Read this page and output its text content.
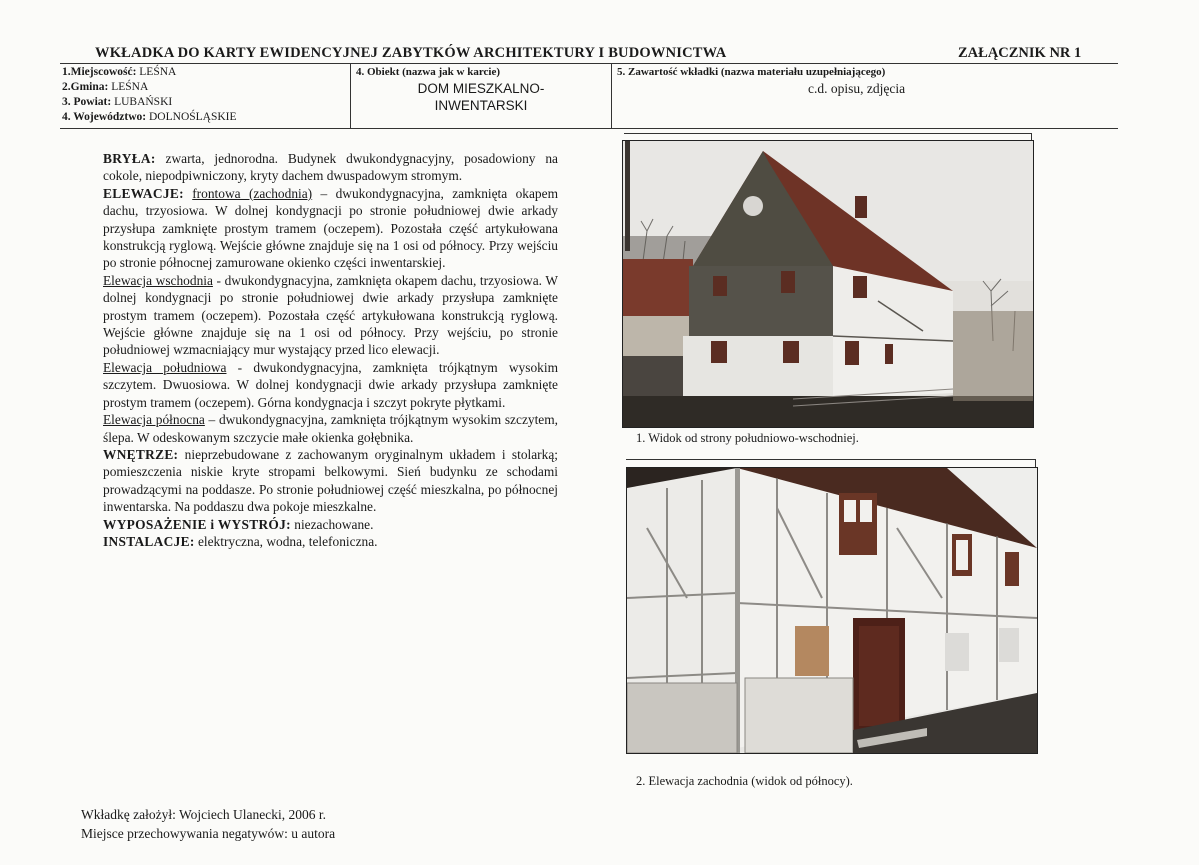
WKŁADKA DO KARTY EWIDENCYJNEJ ZABYTKÓW ARCHITEKTURY I BUDOWNICTWA	ZAŁĄCZNIK NR 1
1.Miejscowość: LEŚNA
2.Gmina: LEŚNA
3. Powiat: LUBAŃSKI
4. Województwo: DOLNOŚLĄSKIE
4. Obiekt (nazwa jak w karcie)
DOM MIESZKALNO-
INWENTARSKI
5. Zawartość wkładki (nazwa materiału uzupełniającego)
c.d. opisu, zdjęcia

BRYŁA: zwarta, jednorodna. Budynek dwukondygnacyjny, posadowiony na cokole, niepodpiwniczony, kryty dachem dwuspadowym stromym.

ELEWACJE: frontowa (zachodnia) – dwukondygnacyjna, zamknięta okapem dachu, trzyosiowa. W dolnej kondygnacji po stronie południowej dwie arkady przysłupa zamknięte prostym tramem (oczepem). Pozostała część artykułowana konstrukcją ryglową. Wejście główne znajduje się na 1 osi od północy. Przy wejściu po stronie północnej zamurowane okienko części inwentarskiej.

Elewacja wschodnia - dwukondygnacyjna, zamknięta okapem dachu, trzyosiowa. W dolnej kondygnacji po stronie południowej dwie arkady przysłupa zamknięte prostym tramem (oczepem). Pozostała część artykułowana konstrukcją ryglową. Wejście główne znajduje się na 1 osi od północy. Przy wejściu, po stronie południowej wzmacniający mur wystający przed lico elewacji.

Elewacja południowa - dwukondygnacyjna, zamknięta trójkątnym wysokim szczytem. Dwuosiowa. W dolnej kondygnacji dwie arkady przysłupa zamknięte prostym tramem (oczepem). Górna kondygnacja i szczyt pokryte płytkami.

Elewacja północna – dwukondygnacyjna, zamknięta trójkątnym wysokim szczytem, ślepa. W odeskowanym szczycie małe okienka gołębnika.

WNĘTRZE: nieprzebudowane z zachowanym oryginalnym układem i stolarką; pomieszczenia niskie kryte stropami belkowymi. Sień budynku ze schodami prowadzącymi na poddasze. Po stronie południowej część mieszkalna, po północnej inwentarska. Na poddaszu dwa pokoje mieszkalne.

WYPOSAŻENIE i WYSTRÓJ: niezachowane.

INSTALACJE: elektryczna, wodna, telefoniczna.

1. Widok od strony południowo-wschodniej.
2. Elewacja zachodnia (widok od północy).
Wkładkę założył: Wojciech Ulanecki, 2006 r.
Miejsce przechowywania negatywów: u autora
